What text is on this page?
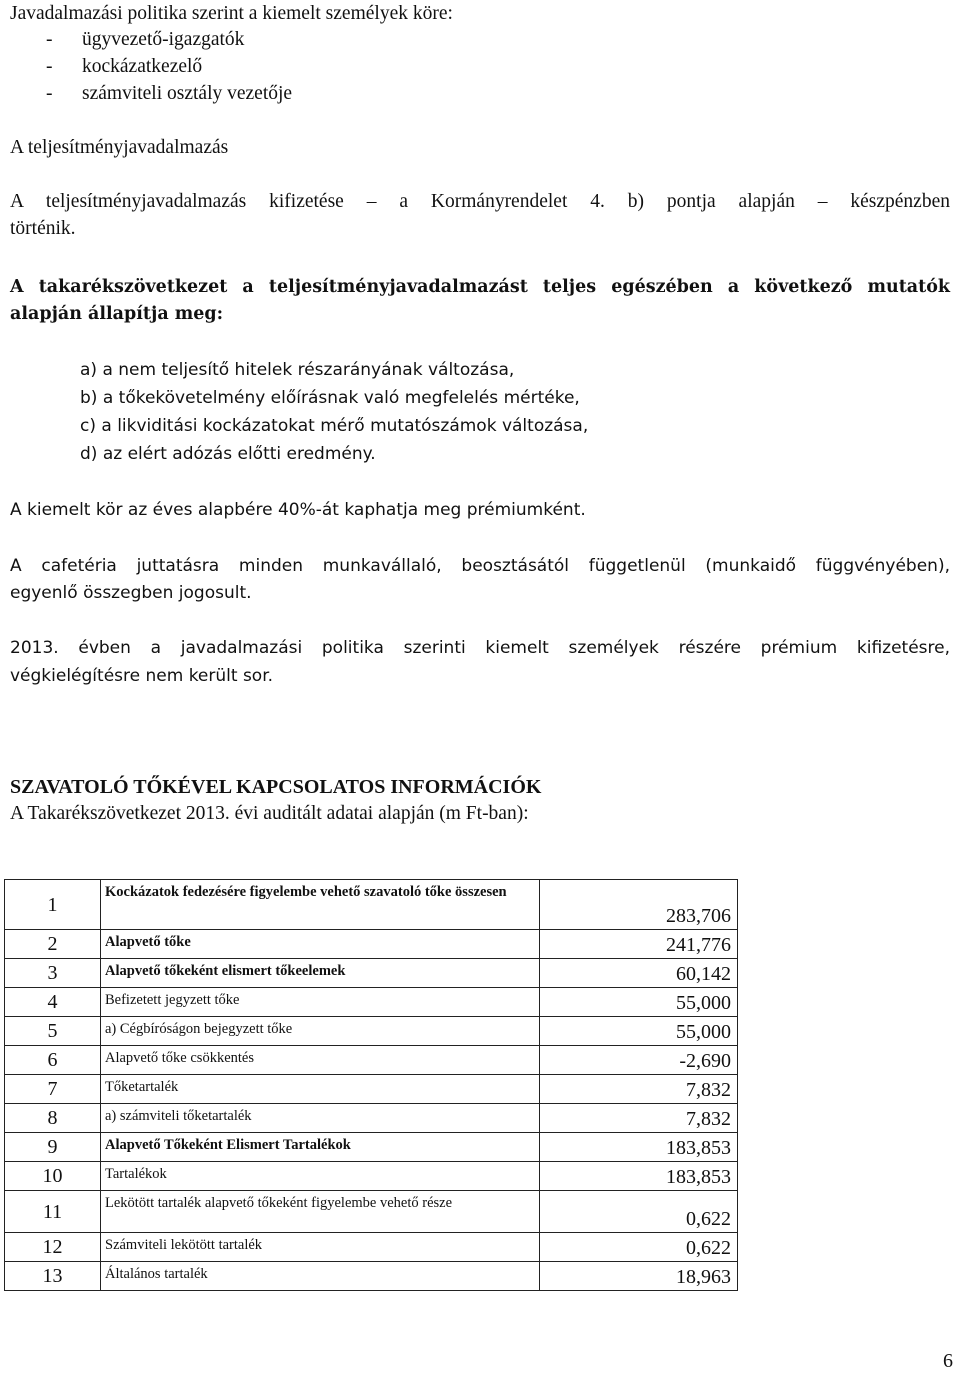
Javadalmazási politika szerint a kiemelt személyek köre:
- ügyvezető-igazgatók
- kockázatkezelő
- számviteli osztály vezetője
A teljesítményjavadalmazás
A teljesítményjavadalmazás kifizetése – a Kormányrendelet 4. b) pontja alapján – készpénzben
történik.
A takarékszövetkezet a teljesítményjavadalmazást teljes egészében a következő mutatók
alapján állapítja meg:
a) a nem teljesítő hitelek részarányának változása,
b) a tőkekövetelmény előírásnak való megfelelés mértéke,
c) a likviditási kockázatokat mérő mutatószámok változása,
d) az elért adózás előtti eredmény.
A kiemelt kör az éves alapbére 40%-át kaphatja meg prémiumként.
A cafetéria juttatásra minden munkavállaló, beosztásától függetlenül (munkaidő függvényében),
egyenlő összegben jogosult.
2013. évben a javadalmazási politika szerinti kiemelt személyek részére prémium kifizetésre,
végkielégítésre nem került sor.
SZAVATOLÓ TŐKÉVEL KAPCSOLATOS INFORMÁCIÓK
A Takarékszövetkezet 2013. évi auditált adatai alapján (m Ft-ban):
1	Kockázatok fedezésére figyelembe vehető szavatoló tőke összesen	283,706
2	Alapvető tőke	241,776
3	Alapvető tőkeként elismert tőkeelemek	60,142
4	Befizetett jegyzett tőke	55,000
5	a) Cégbíróságon bejegyzett tőke	55,000
6	Alapvető tőke csökkentés	-2,690
7	Tőketartalék	7,832
8	a) számviteli tőketartalék	7,832
9	Alapvető Tőkeként Elismert Tartalékok	183,853
10	Tartalékok	183,853
11	Lekötött tartalék alapvető tőkeként figyelembe vehető része	0,622
12	Számviteli lekötött tartalék	0,622
13	Általános tartalék	18,963
6
